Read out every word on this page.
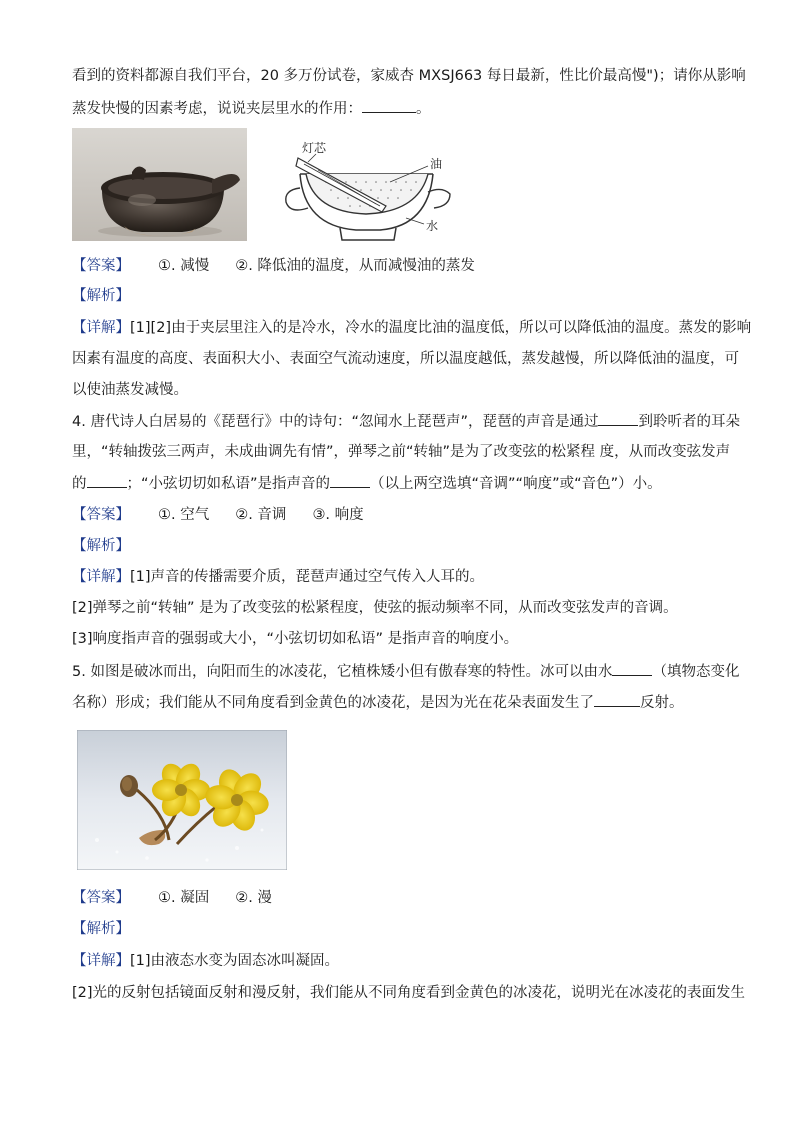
看到的资料都源自我们平台，20 多万份试卷，家威杏 MXSJ663 每日最新，性比价最高慢")；请你从影响
蒸发快慢的因素考虑，说说夹层里水的作用：	。
灯芯
油
水
【答案】 ①. 减慢 ②. 降低油的温度，从而减慢油的蒸发
【解析】
【详解】[1][2]由于夹层里注入的是冷水，冷水的温度比油的温度低，所以可以降低油的温度。蒸发的影响
因素有温度的高度、表面积大小、表面空气流动速度，所以温度越低，蒸发越慢，所以降低油的温度，可
以使油蒸发减慢。
4. 唐代诗人白居易的《琵琶行》中的诗句：“忽闻水上琵琶声”，琵琶的声音是通过	到聆听者的耳朵
里，“转轴拨弦三两声，未成曲调先有情”，弹琴之前“转轴”是为了改变弦的松紧程 度，从而改变弦发声
的	；“小弦切切如私语”是指声音的	（以上两空选填“音调”“响度”或“音色”）小。
【答案】 ①. 空气 ②. 音调 ③. 响度
【解析】
【详解】[1]声音的传播需要介质，琵琶声通过空气传入人耳的。
[2]弹琴之前“转轴” 是为了改变弦的松紧程度，使弦的振动频率不同，从而改变弦发声的音调。
[3]响度指声音的强弱或大小，“小弦切切如私语” 是指声音的响度小。
5. 如图是破冰而出，向阳而生的冰凌花，它植株矮小但有傲春寒的特性。冰可以由水	（填物态变化
名称）形成；我们能从不同角度看到金黄色的冰凌花，是因为光在花朵表面发生了	反射。
【答案】 ①. 凝固 ②. 漫
【解析】
【详解】[1]由液态水变为固态冰叫凝固。
[2]光的反射包括镜面反射和漫反射，我们能从不同角度看到金黄色的冰凌花，说明光在冰凌花的表面发生
